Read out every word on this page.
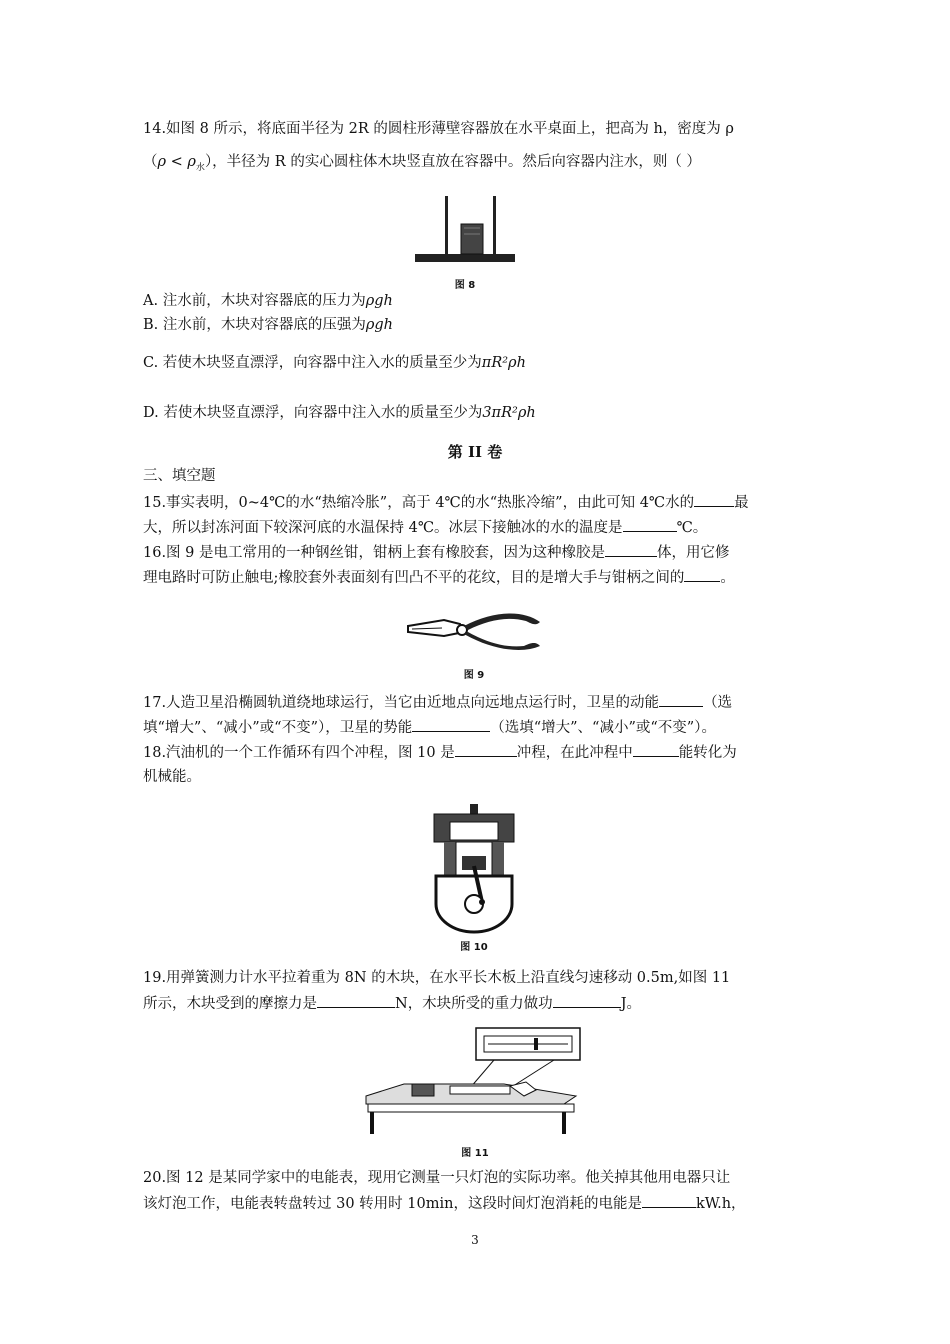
14.如图 8 所示，将底面半径为 2R 的圆柱形薄壁容器放在水平桌面上，把高为 h，密度为 ρ
$(\rho < \rho_水)$，半径为 R 的实心圆柱体木块竖直放在容器中。然后向容器内注水，则（ ）
图 8
A. 注水前，木块对容器底的压力为ρgh
B. 注水前，木块对容器底的压强为ρgh
C. 若使木块竖直漂浮，向容器中注入水的质量至少为πR²ρh
D. 若使木块竖直漂浮，向容器中注入水的质量至少为3πR²ρh
第 II 卷
三、填空题
15.事实表明，0~4℃的水“热缩冷胀”，高于 4℃的水“热胀冷缩”，由此可知 4℃水的	最
大，所以封冻河面下较深河底的水温保持 4℃。冰层下接触冰的水的温度是	℃。
16.图 9 是电工常用的一种钢丝钳，钳柄上套有橡胶套，因为这种橡胶是	体，用它修
理电路时可防止触电;橡胶套外表面刻有凹凸不平的花纹，目的是增大手与钳柄之间的 。
图 9
17.人造卫星沿椭圆轨道绕地球运行，当它由近地点向远地点运行时，卫星的动能	（选
填“增大”、“减小”或“不变”），卫星的势能	（选填“增大”、“减小”或“不变”）。
18.汽油机的一个工作循环有四个冲程，图 10 是	冲程，在此冲程中	能转化为
机械能。
图 10
19.用弹簧测力计水平拉着重为 8N 的木块，在水平长木板上沿直线匀速移动 0.5m,如图 11
所示，木块受到的摩擦力是	N，木块所受的重力做功	J。
图 11
20.图 12 是某同学家中的电能表，现用它测量一只灯泡的实际功率。他关掉其他用电器只让
该灯泡工作，电能表转盘转过 30 转用时 10min，这段时间灯泡消耗的电能是	kW.h，
3
